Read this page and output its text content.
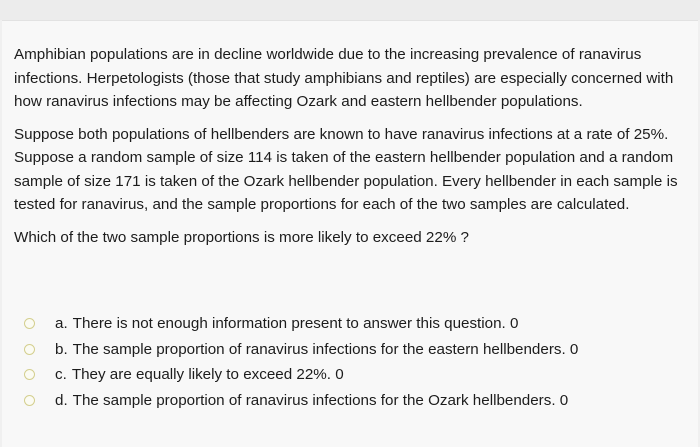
Amphibian populations are in decline worldwide due to the increasing prevalence of ranavirus infections. Herpetologists (those that study amphibians and reptiles) are especially concerned with how ranavirus infections may be affecting Ozark and eastern hellbender populations.

Suppose both populations of hellbenders are known to have ranavirus infections at a rate of 25%. Suppose a random sample of size 114 is taken of the eastern hellbender population and a random sample of size 171 is taken of the Ozark hellbender population. Every hellbender in each sample is tested for ranavirus, and the sample proportions for each of the two samples are calculated.

Which of the two sample proportions is more likely to exceed 22% ?

a. There is not enough information present to answer this question. 0
b. The sample proportion of ranavirus infections for the eastern hellbenders. 0
c. They are equally likely to exceed 22%. 0
d. The sample proportion of ranavirus infections for the Ozark hellbenders. 0
